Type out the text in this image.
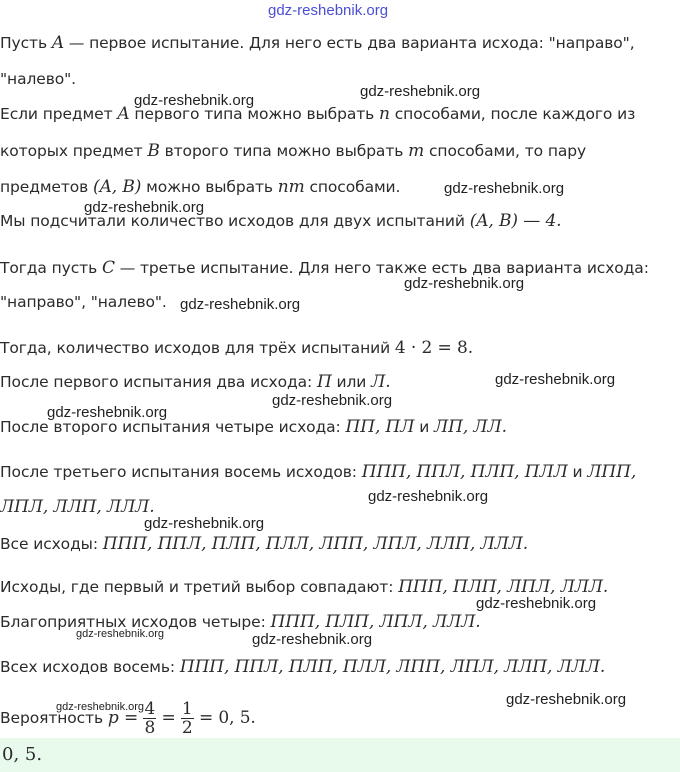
gdz-reshebnik.org
Пусть A — первое испытание. Для него есть два варианта исхода: "направо",
"налево".
Если предмет A первого типа можно выбрать n способами, после каждого из
которых предмет B второго типа можно выбрать m способами, то пару
предметов (A, B) можно выбрать nm способами.
Мы подсчитали количество исходов для двух испытаний (A, B) — 4.
Тогда пусть C — третье испытание. Для него также есть два варианта исхода:
"направо", "налево".
Тогда, количество исходов для трёх испытаний 4 · 2 = 8.
После первого испытания два исхода: П или Л.
После второго испытания четыре исхода: ПП, ПЛ и ЛП, ЛЛ.
После третьего испытания восемь исходов: ППП, ППЛ, ПЛП, ПЛЛ и ЛПП,
ЛПЛ, ЛЛП, ЛЛЛ.
Все исходы: ППП, ППЛ, ПЛП, ПЛЛ, ЛПП, ЛПЛ, ЛЛП, ЛЛЛ.
Исходы, где первый и третий выбор совпадают: ППП, ПЛП, ЛПЛ, ЛЛЛ.
Благоприятных исходов четыре: ППП, ПЛП, ЛПЛ, ЛЛЛ.
Всех исходов восемь: ППП, ППЛ, ПЛП, ПЛЛ, ЛПП, ЛПЛ, ЛЛП, ЛЛЛ.
Вероятность $p = \frac{4}{8} = \frac{1}{2} = 0$, 5.
0, 5.
gdz-reshebnik.org
gdz-reshebnik.org
gdz-reshebnik.org
gdz-reshebnik.org
gdz-reshebnik.org
gdz-reshebnik.org
gdz-reshebnik.org
gdz-reshebnik.org
gdz-reshebnik.org
gdz-reshebnik.org
gdz-reshebnik.org
gdz-reshebnik.org
gdz-reshebnik.org	gdz-reshebnik.org
gdz-reshebnik.org	gdz-reshebnik.org
